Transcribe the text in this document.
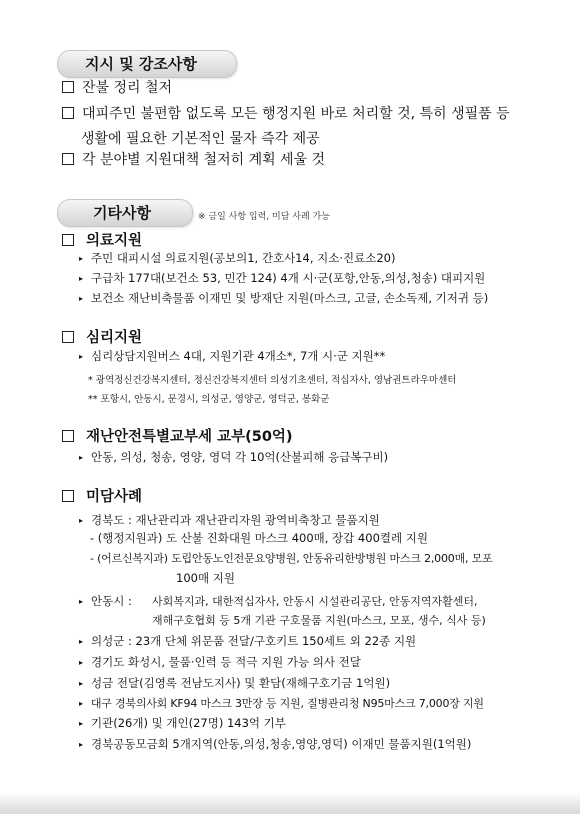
지시 및 강조사항
잔불 정리 철저
대피주민 불편함 없도록 모든 행정지원 바로 처리할 것, 특히 생필품 등
생활에 필요한 기본적인 물자 즉각 제공
각 분야별 지원대책 철저히 계획 세울 것
기타사항	※ 금일 사항 입력, 미담 사례 가능
의료지원
▸ 주민 대피시설 의료지원(공보의1, 간호사14, 지소·진료소20)
▸ 구급차 177대(보건소 53, 민간 124) 4개 시·군(포항,안동,의성,청송) 대피지원
▸ 보건소 재난비축물품 이재민 및 방재단 지원(마스크, 고글, 손소독제, 기저귀 등)
심리지원
▸ 심리상담지원버스 4대, 지원기관 4개소*, 7개 시·군 지원**
* 광역정신건강복지센터, 정신건강복지센터 의성기초센터, 적십자사, 영남권트라우마센터
** 포항시, 안동시, 문경시, 의성군, 영양군, 영덕군, 봉화군
재난안전특별교부세 교부(50억)
▸ 안동, 의성, 청송, 영양, 영덕 각 10억(산불피해 응급복구비)
미담사례
▸ 경북도 : 재난관리과 재난관리자원 광역비축창고 물품지원
- (행정지원과) 도 산불 진화대원 마스크 400매, 장갑 400켤레 지원
- (어르신복지과) 도립안동노인전문요양병원, 안동유리한방병원 마스크 2,000매, 모포
100매 지원
▸ 안동시 : 사회복지과, 대한적십자사, 안동시 시설관리공단, 안동지역자활센터,
재해구호협회 등 5개 기관 구호물품 지원(마스크, 모포, 생수, 식사 등)
▸ 의성군 : 23개 단체 위문품 전달/구호키트 150세트 외 22종 지원
▸ 경기도 화성시, 물품·인력 등 적극 지원 가능 의사 전달
▸ 성금 전달(김영록 전남도지사) 및 환담(재해구호기금 1억원)
▸ 대구 경북의사회 KF94 마스크 3만장 등 지원, 질병관리청 N95마스크 7,000장 지원
▸ 기관(26개) 및 개인(27명) 143억 기부
▸ 경북공동모금회 5개지역(안동,의성,청송,영양,영덕) 이재민 물품지원(1억원)
